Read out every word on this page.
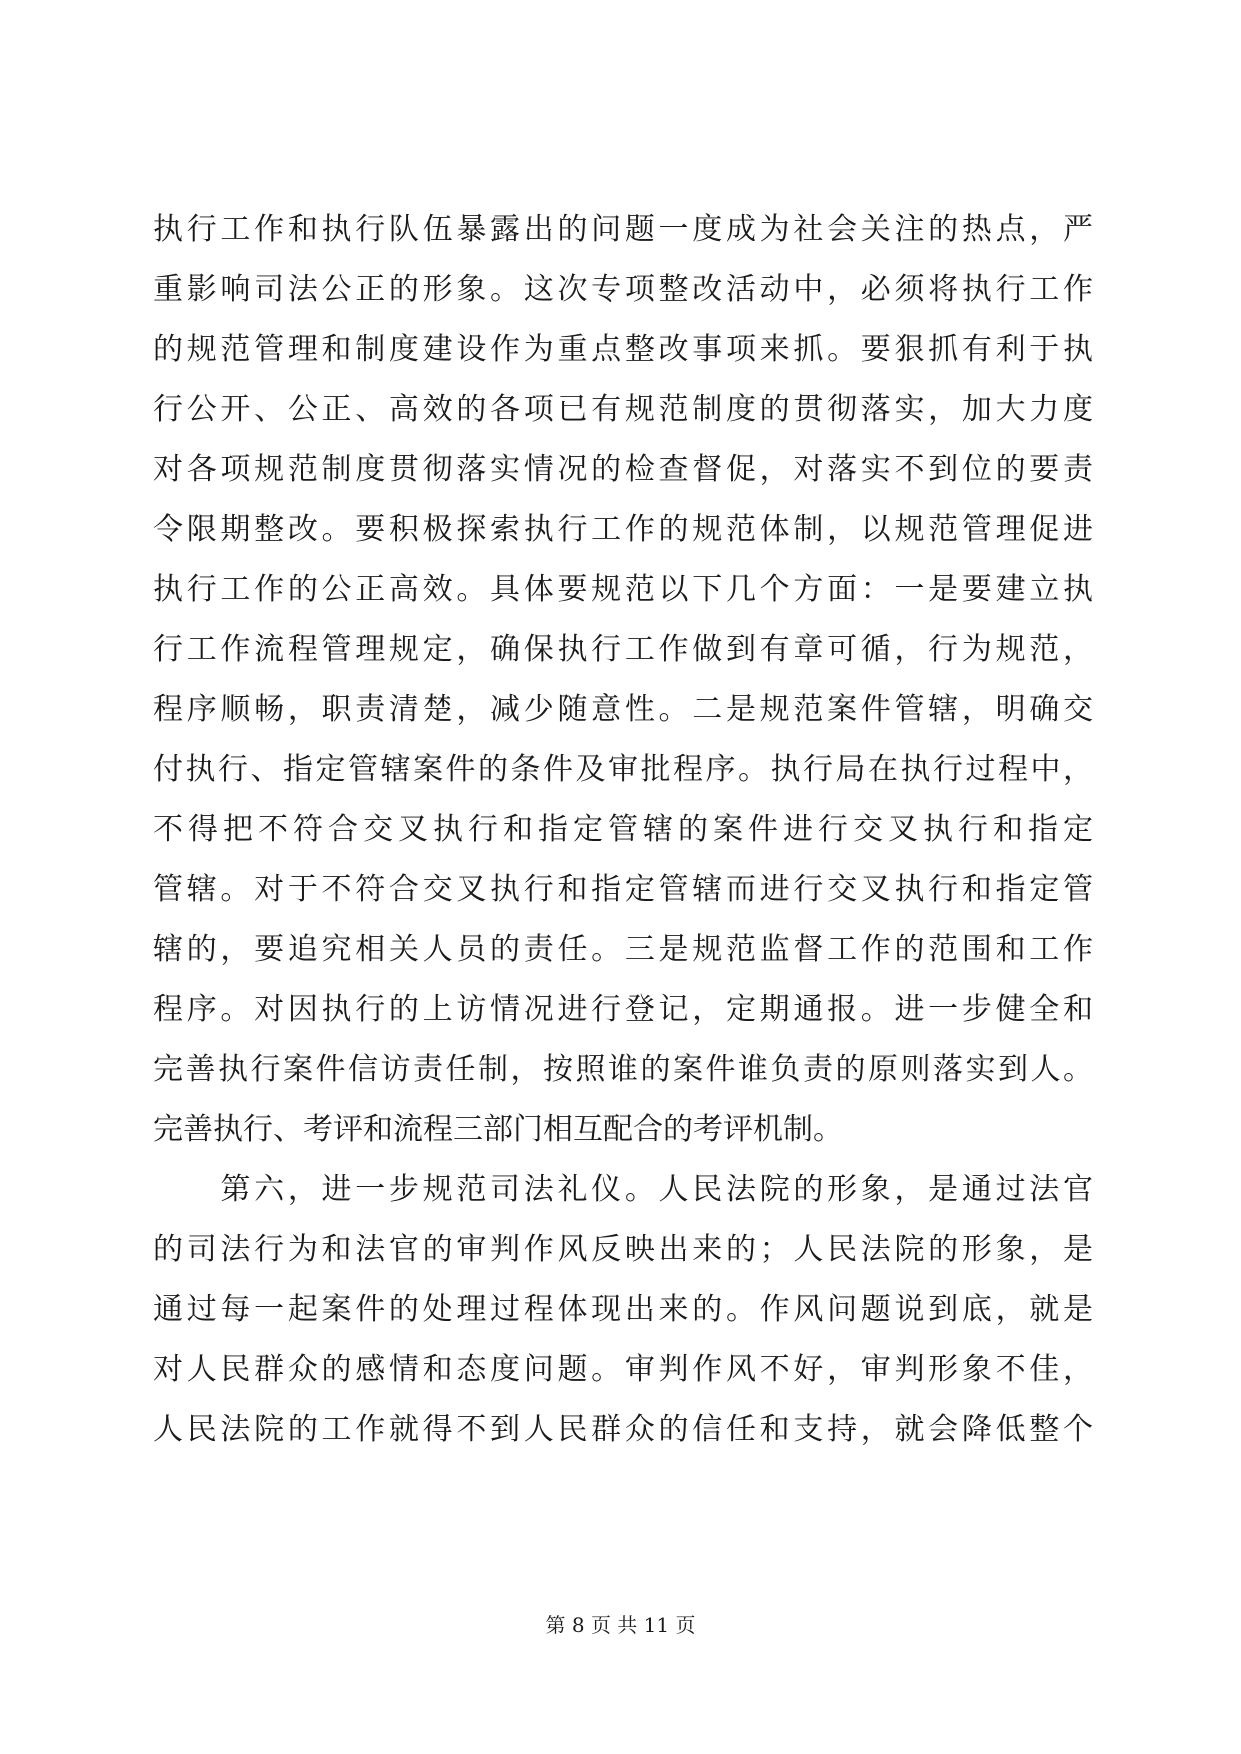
执行工作和执行队伍暴露出的问题一度成为社会关注的热点，严
重影响司法公正的形象。这次专项整改活动中，必须将执行工作
的规范管理和制度建设作为重点整改事项来抓。要狠抓有利于执
行公开、公正、高效的各项已有规范制度的贯彻落实，加大力度
对各项规范制度贯彻落实情况的检查督促，对落实不到位的要责
令限期整改。要积极探索执行工作的规范体制，以规范管理促进
执行工作的公正高效。具体要规范以下几个方面：一是要建立执
行工作流程管理规定，确保执行工作做到有章可循，行为规范，
程序顺畅，职责清楚，减少随意性。二是规范案件管辖，明确交
付执行、指定管辖案件的条件及审批程序。执行局在执行过程中，
不得把不符合交叉执行和指定管辖的案件进行交叉执行和指定
管辖。对于不符合交叉执行和指定管辖而进行交叉执行和指定管
辖的，要追究相关人员的责任。三是规范监督工作的范围和工作
程序。对因执行的上访情况进行登记，定期通报。进一步健全和
完善执行案件信访责任制，按照谁的案件谁负责的原则落实到人。
完善执行、考评和流程三部门相互配合的考评机制。
　　第六，进一步规范司法礼仪。人民法院的形象，是通过法官
的司法行为和法官的审判作风反映出来的；人民法院的形象，是
通过每一起案件的处理过程体现出来的。作风问题说到底，就是
对人民群众的感情和态度问题。审判作风不好，审判形象不佳，
人民法院的工作就得不到人民群众的信任和支持，就会降低整个
第 8 页 共 11 页
